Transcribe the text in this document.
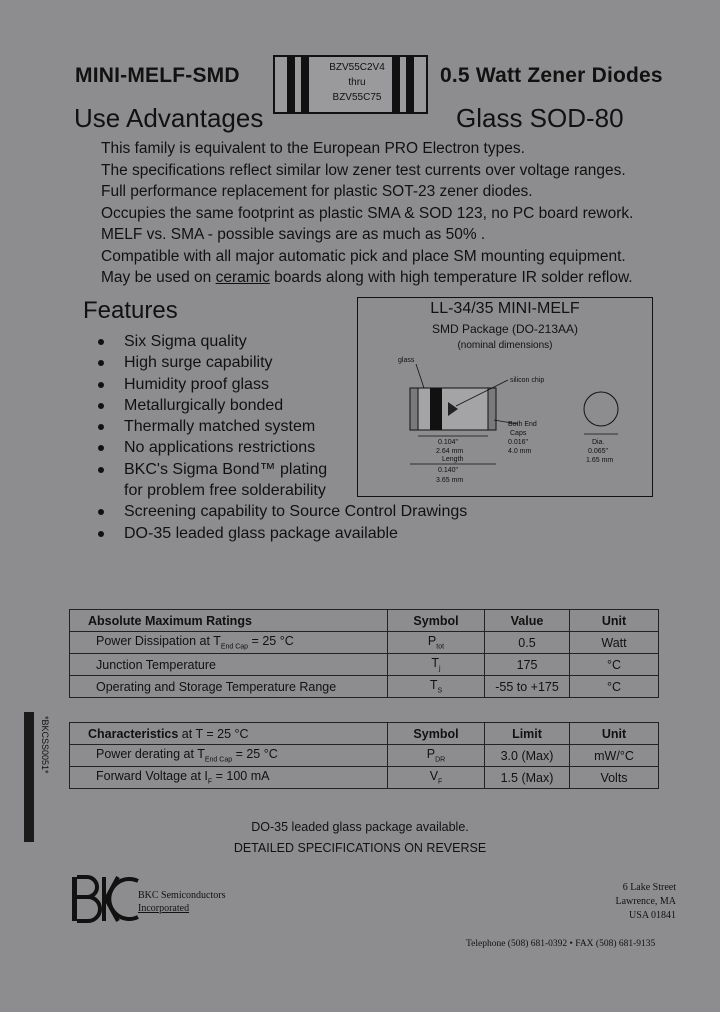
MINI-MELF-SMD
Use Advantages
BZV55C2V4
thru
BZV55C75
0.5 Watt Zener Diodes
Glass SOD-80
This family is equivalent to the European PRO Electron types.
The specifications reflect similar low zener test currents over voltage ranges.
Full performance replacement for plastic SOT-23 zener diodes.
Occupies the same footprint as plastic SMA & SOD 123, no PC board rework.
MELF vs. SMA - possible savings are as much as 50% .
Compatible with all major automatic pick and place SM mounting equipment.
May be used on ceramic boards along with high temperature IR solder reflow.
Features
Six Sigma quality
High surge capability
Humidity proof glass
Metallurgically bonded
Thermally matched system
No applications restrictions
BKC's Sigma Bond™ plating
for problem free solderability
Screening capability to Source Control Drawings
DO-35 leaded glass package available
LL-34/35 MINI-MELF
SMD Package (DO-213AA)
(nominal dimensions)
glass
silicon chip
Both End
Caps
0.104"
2.64 mm
Length
0.140"
3.65 mm
0.016"
4.0 mm
Dia.
0.065"
1.65 mm
Absolute Maximum Ratings	Symbol	Value	Unit
Power Dissipation at $T_{End Cap} = 25$ °C	$P_{tot}$	0.5	Watt
Junction Temperature	$T_j$	175	°C
Operating and Storage Temperature Range	$T_S$	-55 to +175	°C
Characteristics at T = 25 °C	Symbol	Limit	Unit
Power derating at $T_{End Cap} = 25$ °C	$P_{DR}$	3.0 (Max)	mW/°C
Forward Voltage at $I_F = 100$ mA	$V_F$	1.5 (Max)	Volts
DO-35 leaded glass package available.
DETAILED SPECIFICATIONS ON REVERSE
BKC Semiconductors
Incorporated
6 Lake Street
Lawrence, MA
USA 01841
Telephone (508) 681-0392 • FAX (508) 681-9135
*BKCSS0051*
